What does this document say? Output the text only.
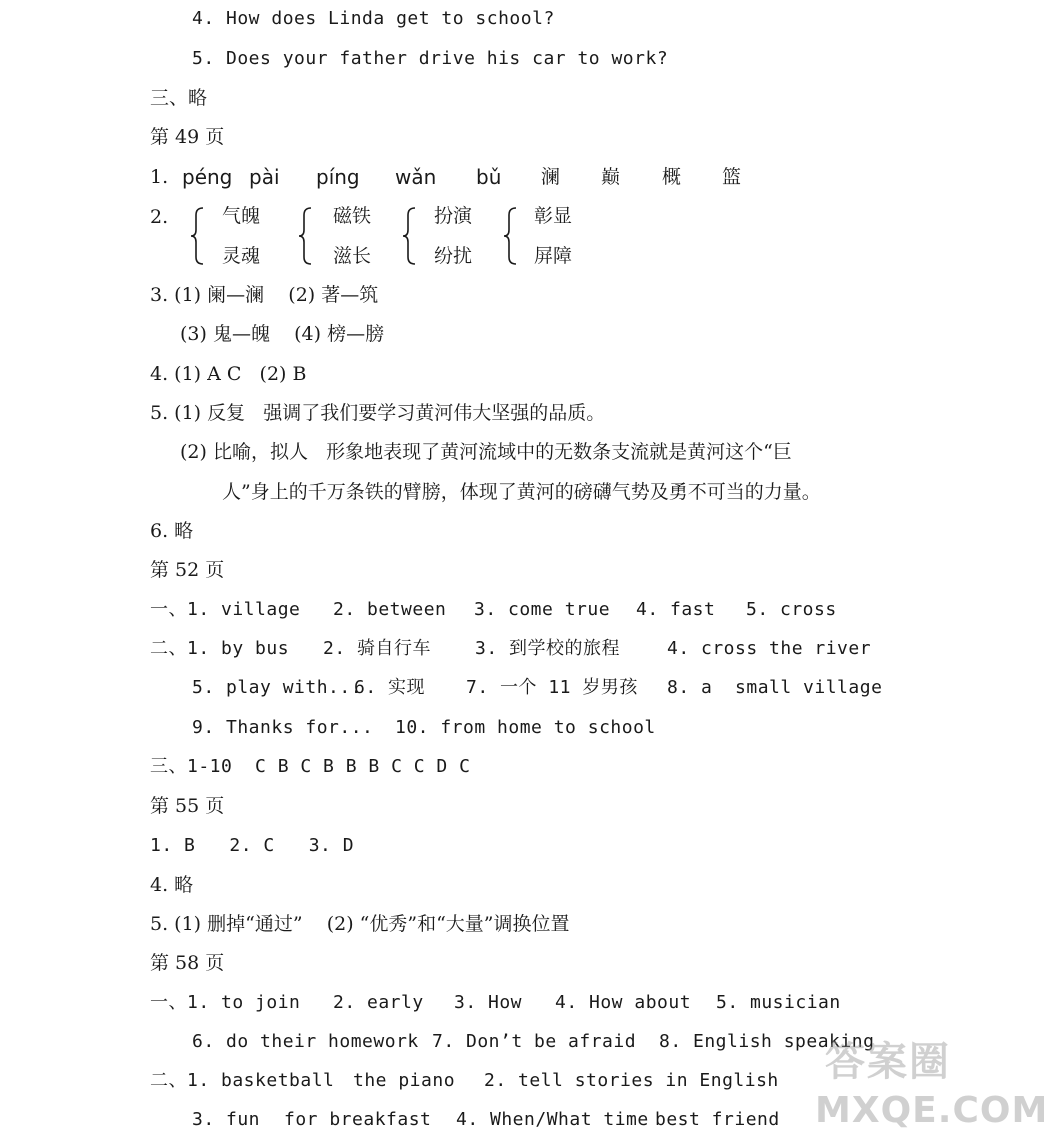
4. How does Linda get to school?
5. Does your father drive his car to work?
三、略
第 49 页
1. péng pài píng wǎn bǔ 澜 巅 概 篮
2.	气魄
灵魂
磁铁
滋长
扮演
纷扰
彰显
屏障
3. (1) 阑—澜    (2) 著—筑
(3) 鬼—魄    (4) 榜—膀
4. (1) A C   (2) B
5. (1) 反复   强调了我们要学习黄河伟大坚强的品质。
(2) 比喻，拟人   形象地表现了黄河流域中的无数条支流就是黄河这个“巨
人”身上的千万条铁的臂膀，体现了黄河的磅礴气势及勇不可当的力量。
6. 略
第 52 页
一、1. village 2. between 3. come true 4. fast 5. cross
二、1. by bus 2. 骑自行车 3. 到学校的旅程	4. cross the river
5. play with...
6. 实现 7. 一个 11 岁男孩 8. a  small village
9. Thanks for... 10. from home to school
三、1-10  C B C B B B C C D C
第 55 页
1. B   2. C   3. D
4. 略
5. (1) 删掉“通过”    (2) “优秀”和“大量”调换位置
第 58 页
一、1. to join 2. early 3. How 4. How about 5. musician
6. do their homework 7. Don’t be afraid 8. English speaking
二、1. basketball the piano 2. tell stories in English
3. fun for breakfast 4. When/What time best friend
答案圈
MXQE.COM
